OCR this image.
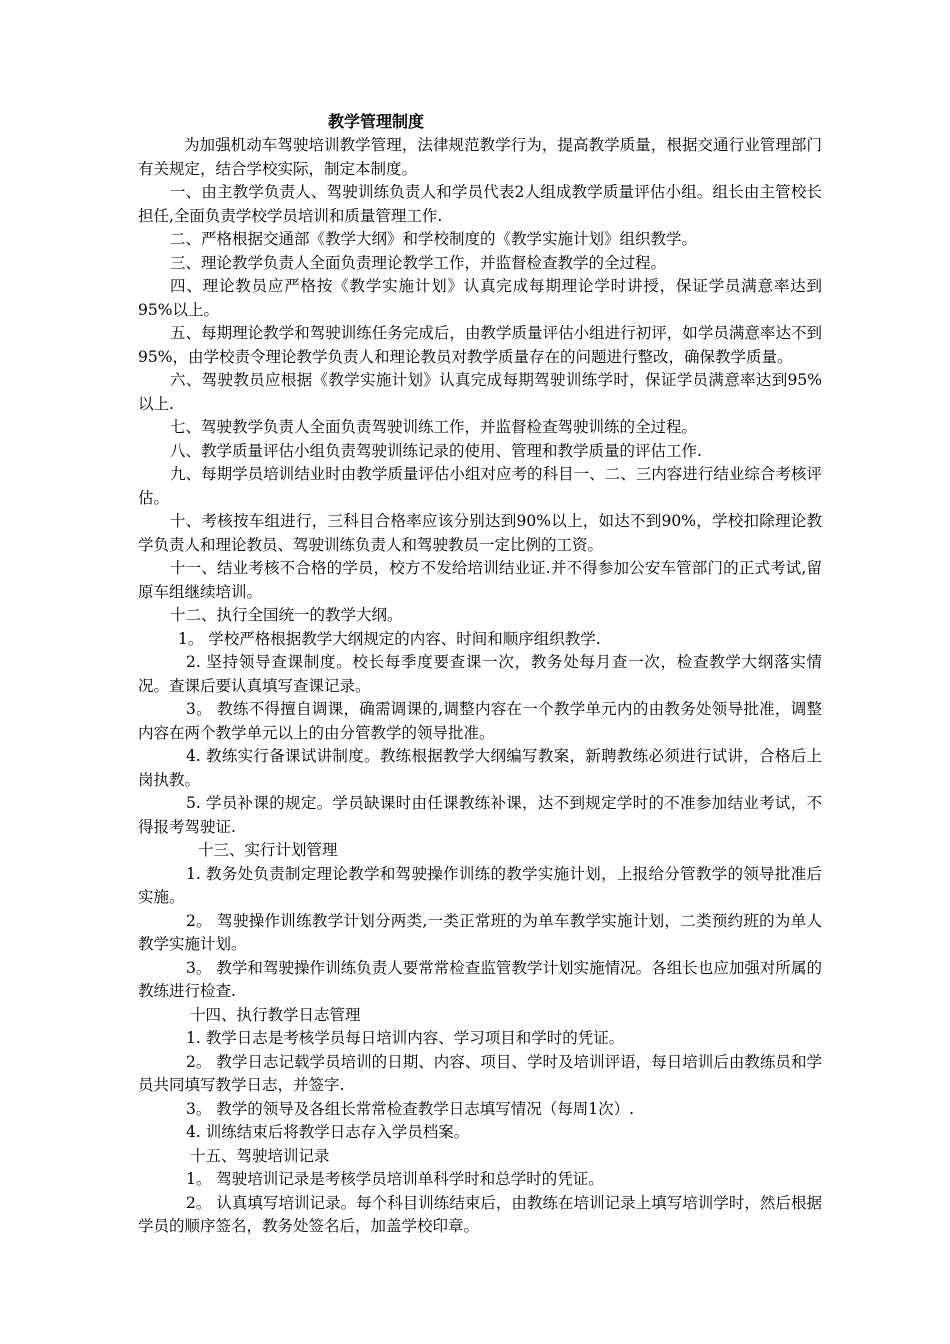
教学管理制度

为加强机动车驾驶培训教学管理，法律规范教学行为，提高教学质量，根据交通行业管理部门有关规定，结合学校实际，制定本制度。

一、由主教学负责人、驾驶训练负责人和学员代表2人组成教学质量评估小组。组长由主管校长担任,全面负责学校学员培训和质量管理工作.

二、严格根据交通部《教学大纲》和学校制度的《教学实施计划》组织教学。

三、理论教学负责人全面负责理论教学工作，并监督检查教学的全过程。

四、理论教员应严格按《教学实施计划》认真完成每期理论学时讲授，保证学员满意率达到95%以上。

五、每期理论教学和驾驶训练任务完成后，由教学质量评估小组进行初评，如学员满意率达不到95%，由学校责令理论教学负责人和理论教员对教学质量存在的问题进行整改，确保教学质量。

六、驾驶教员应根据《教学实施计划》认真完成每期驾驶训练学时，保证学员满意率达到95%以上.

七、驾驶教学负责人全面负责驾驶训练工作，并监督检查驾驶训练的全过程。

八、教学质量评估小组负责驾驶训练记录的使用、管理和教学质量的评估工作.

九、每期学员培训结业时由教学质量评估小组对应考的科目一、二、三内容进行结业综合考核评估。

十、考核按车组进行，三科目合格率应该分别达到90%以上，如达不到90%，学校扣除理论教学负责人和理论教员、驾驶训练负责人和驾驶教员一定比例的工资。

十一、结业考核不合格的学员，校方不发给培训结业证.并不得参加公安车管部门的正式考试,留原车组继续培训。

十二、执行全国统一的教学大纲。

1。 学校严格根据教学大纲规定的内容、时间和顺序组织教学.

2. 坚持领导查课制度。校长每季度要查课一次，教务处每月查一次，检查教学大纲落实情况。查课后要认真填写查课记录。

3。 教练不得擅自调课，确需调课的,调整内容在一个教学单元内的由教务处领导批准，调整内容在两个教学单元以上的由分管教学的领导批准。

4. 教练实行备课试讲制度。教练根据教学大纲编写教案，新聘教练必须进行试讲，合格后上岗执教。

5. 学员补课的规定。学员缺课时由任课教练补课，达不到规定学时的不准参加结业考试，不得报考驾驶证.

十三、实行计划管理

1. 教务处负责制定理论教学和驾驶操作训练的教学实施计划，上报给分管教学的领导批准后实施。

2。 驾驶操作训练教学计划分两类,一类正常班的为单车教学实施计划，二类预约班的为单人教学实施计划。

3。 教学和驾驶操作训练负责人要常常检查监管教学计划实施情况。各组长也应加强对所属的教练进行检查.

十四、执行教学日志管理

1. 教学日志是考核学员每日培训内容、学习项目和学时的凭证。

2。 教学日志记载学员培训的日期、内容、项目、学时及培训评语，每日培训后由教练员和学员共同填写教学日志，并签字.

3。 教学的领导及各组长常常检查教学日志填写情况（每周1次）.

4. 训练结束后将教学日志存入学员档案。

十五、驾驶培训记录

1。 驾驶培训记录是考核学员培训单科学时和总学时的凭证。

2。 认真填写培训记录。每个科目训练结束后，由教练在培训记录上填写培训学时，然后根据学员的顺序签名，教务处签名后，加盖学校印章。
